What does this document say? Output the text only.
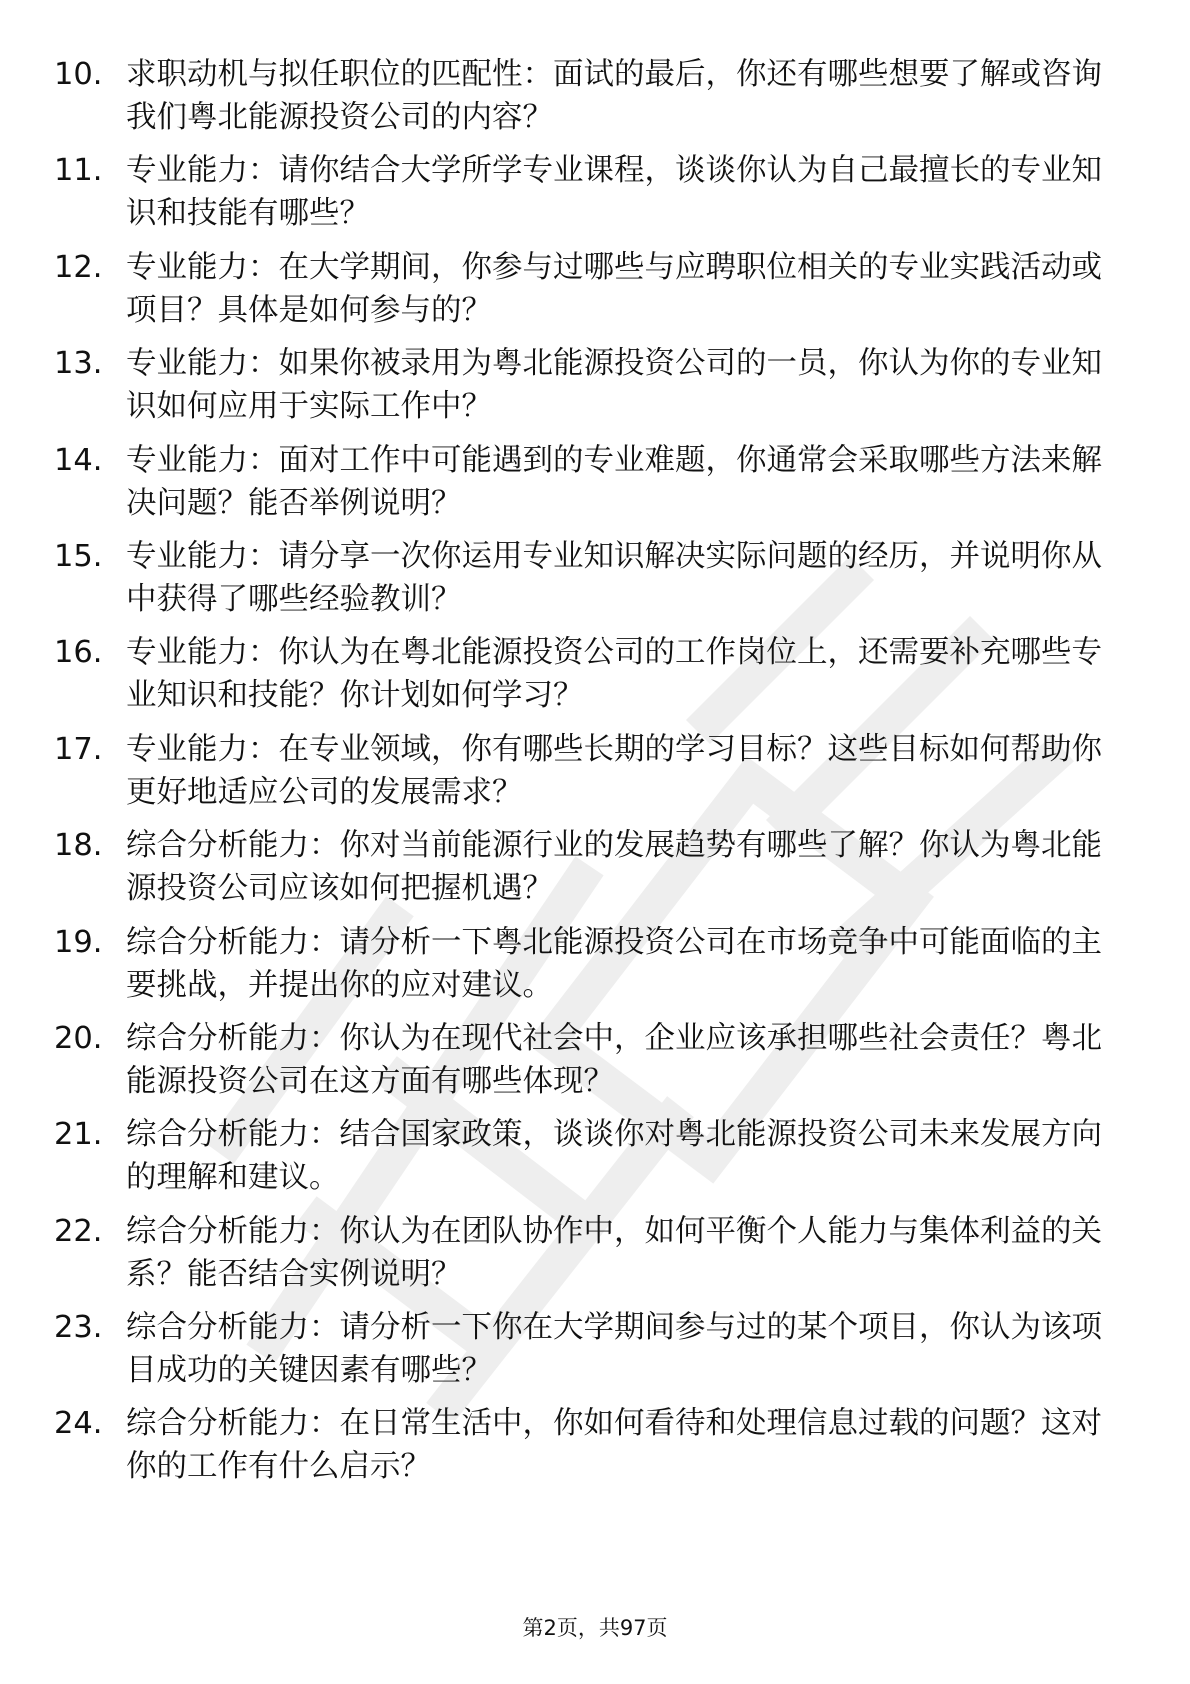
10. 求职动机与拟任职位的匹配性：面试的最后，你还有哪些想要了解或咨询我们粤北能源投资公司的内容？
11. 专业能力：请你结合大学所学专业课程，谈谈你认为自己最擅长的专业知识和技能有哪些？
12. 专业能力：在大学期间，你参与过哪些与应聘职位相关的专业实践活动或项目？具体是如何参与的？
13. 专业能力：如果你被录用为粤北能源投资公司的一员，你认为你的专业知识如何应用于实际工作中？
14. 专业能力：面对工作中可能遇到的专业难题，你通常会采取哪些方法来解决问题？能否举例说明？
15. 专业能力：请分享一次你运用专业知识解决实际问题的经历，并说明你从中获得了哪些经验教训？
16. 专业能力：你认为在粤北能源投资公司的工作岗位上，还需要补充哪些专业知识和技能？你计划如何学习？
17. 专业能力：在专业领域，你有哪些长期的学习目标？这些目标如何帮助你更好地适应公司的发展需求？
18. 综合分析能力：你对当前能源行业的发展趋势有哪些了解？你认为粤北能源投资公司应该如何把握机遇？
19. 综合分析能力：请分析一下粤北能源投资公司在市场竞争中可能面临的主要挑战，并提出你的应对建议。
20. 综合分析能力：你认为在现代社会中，企业应该承担哪些社会责任？粤北能源投资公司在这方面有哪些体现？
21. 综合分析能力：结合国家政策，谈谈你对粤北能源投资公司未来发展方向的理解和建议。
22. 综合分析能力：你认为在团队协作中，如何平衡个人能力与集体利益的关系？能否结合实例说明？
23. 综合分析能力：请分析一下你在大学期间参与过的某个项目，你认为该项目成功的关键因素有哪些？
24. 综合分析能力：在日常生活中，你如何看待和处理信息过载的问题？这对你的工作有什么启示？
第2页，共97页
